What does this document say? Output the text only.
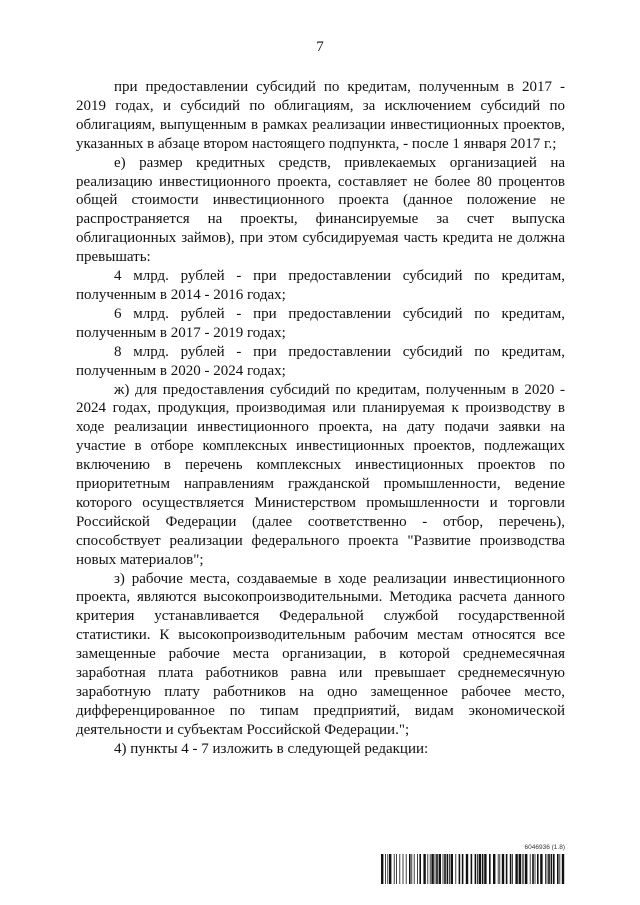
7

при предоставлении субсидий по кредитам, полученным в 2017 - 2019 годах, и субсидий по облигациям, за исключением субсидий по облигациям, выпущенным в рамках реализации инвестиционных проектов, указанных в абзаце втором настоящего подпункта, - после 1 января 2017 г.;

е) размер кредитных средств, привлекаемых организацией на реализацию инвестиционного проекта, составляет не более 80 процентов общей стоимости инвестиционного проекта (данное положение не распространяется на проекты, финансируемые за счет выпуска облигационных займов), при этом субсидируемая часть кредита не должна превышать:

4 млрд. рублей - при предоставлении субсидий по кредитам, полученным в 2014 - 2016 годах;

6 млрд. рублей - при предоставлении субсидий по кредитам, полученным в 2017 - 2019 годах;

8 млрд. рублей - при предоставлении субсидий по кредитам, полученным в 2020 - 2024 годах;

ж) для предоставления субсидий по кредитам, полученным в 2020 - 2024 годах, продукция, производимая или планируемая к производству в ходе реализации инвестиционного проекта, на дату подачи заявки на участие в отборе комплексных инвестиционных проектов, подлежащих включению в перечень комплексных инвестиционных проектов по приоритетным направлениям гражданской промышленности, ведение которого осуществляется Министерством промышленности и торговли Российской Федерации (далее соответственно - отбор, перечень), способствует реализации федерального проекта "Развитие производства новых материалов";

з) рабочие места, создаваемые в ходе реализации инвестиционного проекта, являются высокопроизводительными. Методика расчета данного критерия устанавливается Федеральной службой государственной статистики. К высокопроизводительным рабочим местам относятся все замещенные рабочие места организации, в которой среднемесячная заработная плата работников равна или превышает среднемесячную заработную плату работников на одно замещенное рабочее место, дифференцированное по типам предприятий, видам экономической деятельности и субъектам Российской Федерации.";

4) пункты 4 - 7 изложить в следующей редакции:

6046936 (1.8)
